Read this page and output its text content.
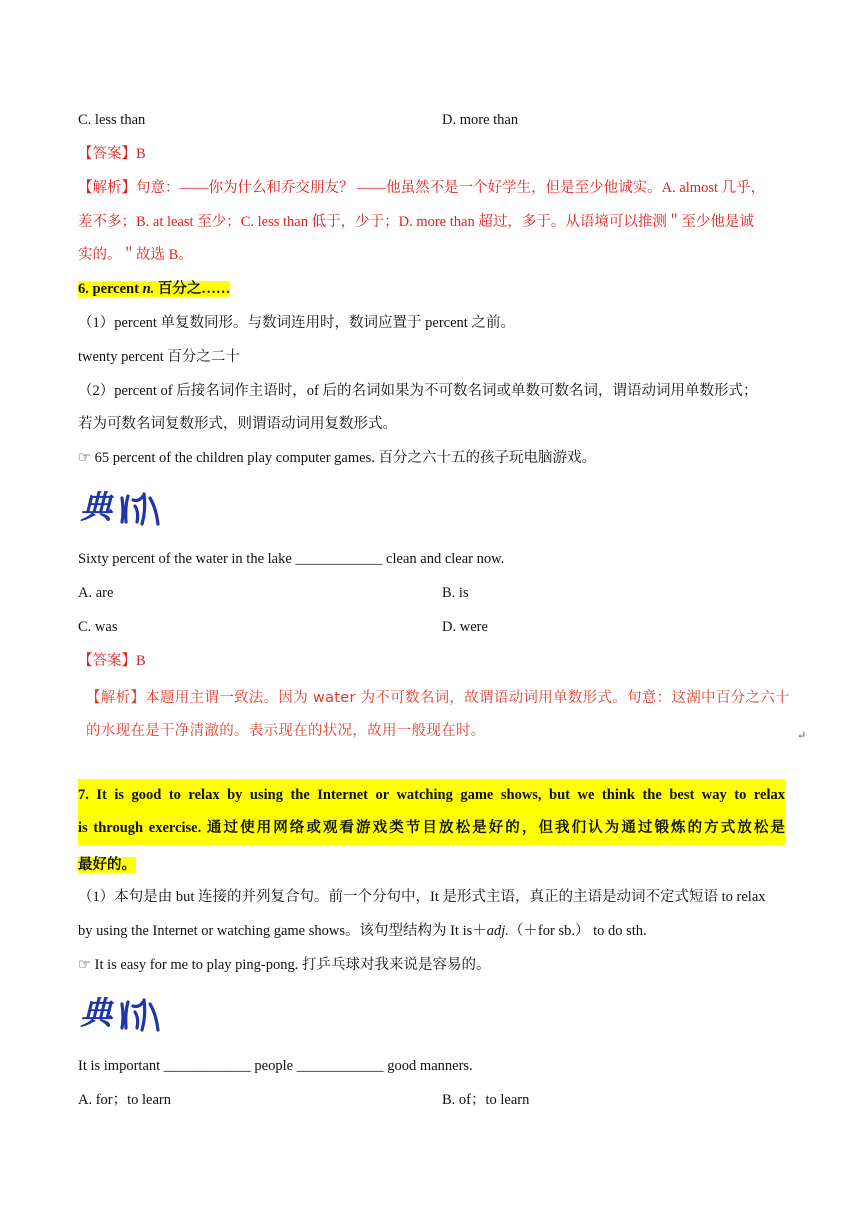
C. less than	D. more than
【答案】B
【解析】句意：——你为什么和乔交朋友？ ——他虽然不是一个好学生，但是至少他诚实。A. almost 几乎，
差不多；B. at least 至少；C. less than 低于，少于；D. more than 超过，多于。从语境可以推测＂至少他是诚
实的。＂故选 B。
6. percent n. 百分之……
（1）percent 单复数同形。与数词连用时，数词应置于 percent 之前。
twenty percent 百分之二十
（2）percent of 后接名词作主语时，of 后的名词如果为不可数名词或单数可数名词，谓语动词用单数形式；
若为可数名词复数形式，则谓语动词用复数形式。
☞ 65 percent of the children play computer games. 百分之六十五的孩子玩电脑游戏。
典
Sixty percent of the water in the lake ____________ clean and clear now.
A. are	B. is
C. was	D. were
【答案】B
【解析】本题用主谓一致法。因为 water 为不可数名词，故谓语动词用单数形式。句意：这湖中百分之六十
的水现在是干净清澈的。表示现在的状况，故用一般现在时。	↵
7. It is good to relax by using the Internet or watching game shows, but we think the best way to relax
is through exercise. 通过使用网络或观看游戏类节目放松是好的，但我们认为通过锻炼的方式放松是
最好的。
（1）本句是由 but 连接的并列复合句。前一个分句中，It 是形式主语，真正的主语是动词不定式短语 to relax
by using the Internet or watching game shows。该句型结构为 It is＋adj.（＋for sb.） to do sth.
☞ It is easy for me to play ping-pong. 打乒乓球对我来说是容易的。
典
It is important ____________ people ____________ good manners.
A. for；to learn	B. of；to learn
